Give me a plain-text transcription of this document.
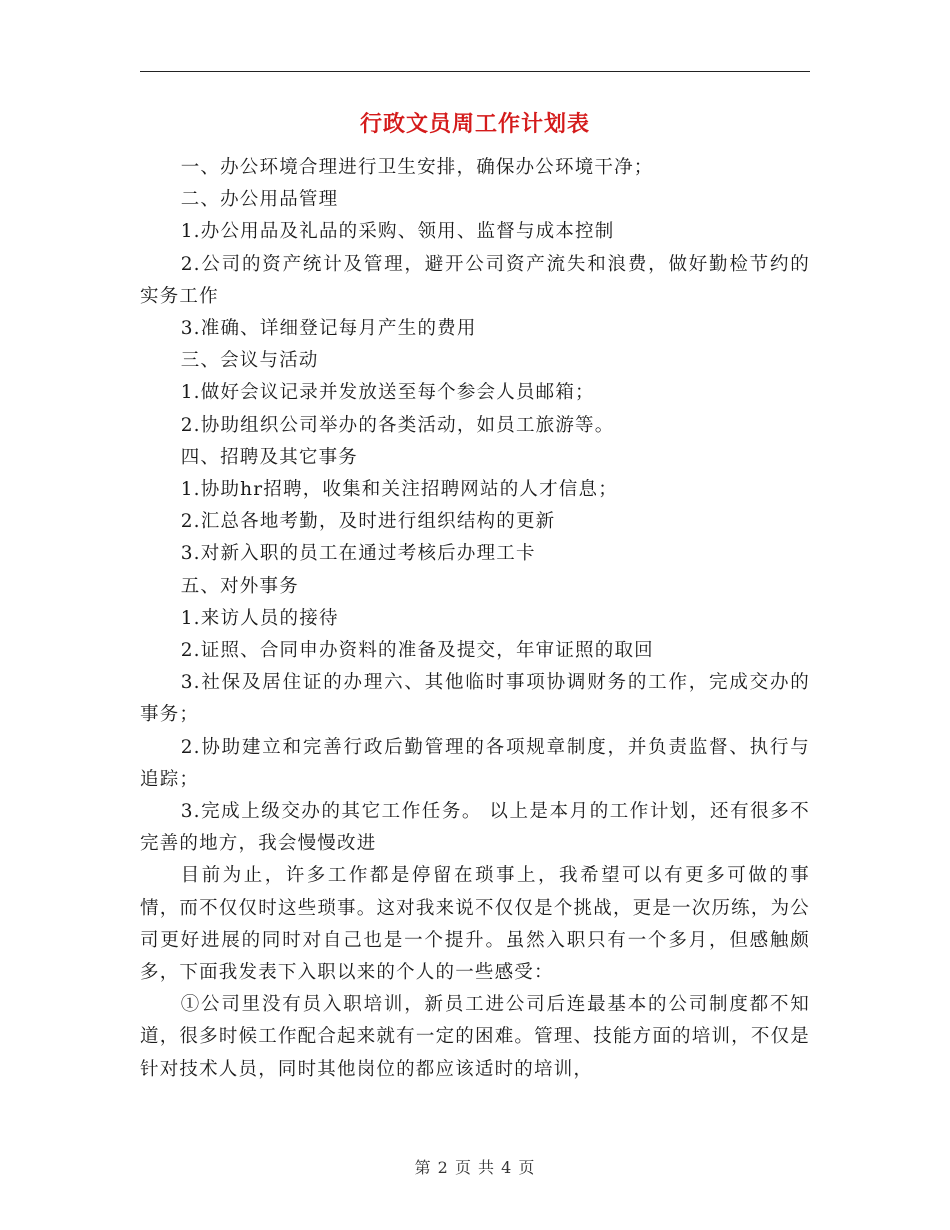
行政文员周工作计划表

一、办公环境合理进行卫生安排，确保办公环境干净；

二、办公用品管理

1.办公用品及礼品的采购、领用、监督与成本控制

2.公司的资产统计及管理，避开公司资产流失和浪费，做好勤检节约的实务工作

3.准确、详细登记每月产生的费用

三、会议与活动

1.做好会议记录并发放送至每个参会人员邮箱；

2.协助组织公司举办的各类活动，如员工旅游等。

四、招聘及其它事务

1.协助hr招聘，收集和关注招聘网站的人才信息；

2.汇总各地考勤，及时进行组织结构的更新

3.对新入职的员工在通过考核后办理工卡

五、对外事务

1.来访人员的接待

2.证照、合同申办资料的准备及提交，年审证照的取回

3.社保及居住证的办理六、其他临时事项协调财务的工作，完成交办的事务；

2.协助建立和完善行政后勤管理的各项规章制度，并负责监督、执行与追踪；

3.完成上级交办的其它工作任务。 以上是本月的工作计划，还有很多不完善的地方，我会慢慢改进

目前为止，许多工作都是停留在琐事上，我希望可以有更多可做的事情，而不仅仅时这些琐事。这对我来说不仅仅是个挑战，更是一次历练，为公司更好进展的同时对自己也是一个提升。虽然入职只有一个多月，但感触颇多，下面我发表下入职以来的个人的一些感受：

①公司里没有员入职培训，新员工进公司后连最基本的公司制度都不知道，很多时候工作配合起来就有一定的困难。管理、技能方面的培训，不仅是针对技术人员，同时其他岗位的都应该适时的培训，

第 2 页 共 4 页
